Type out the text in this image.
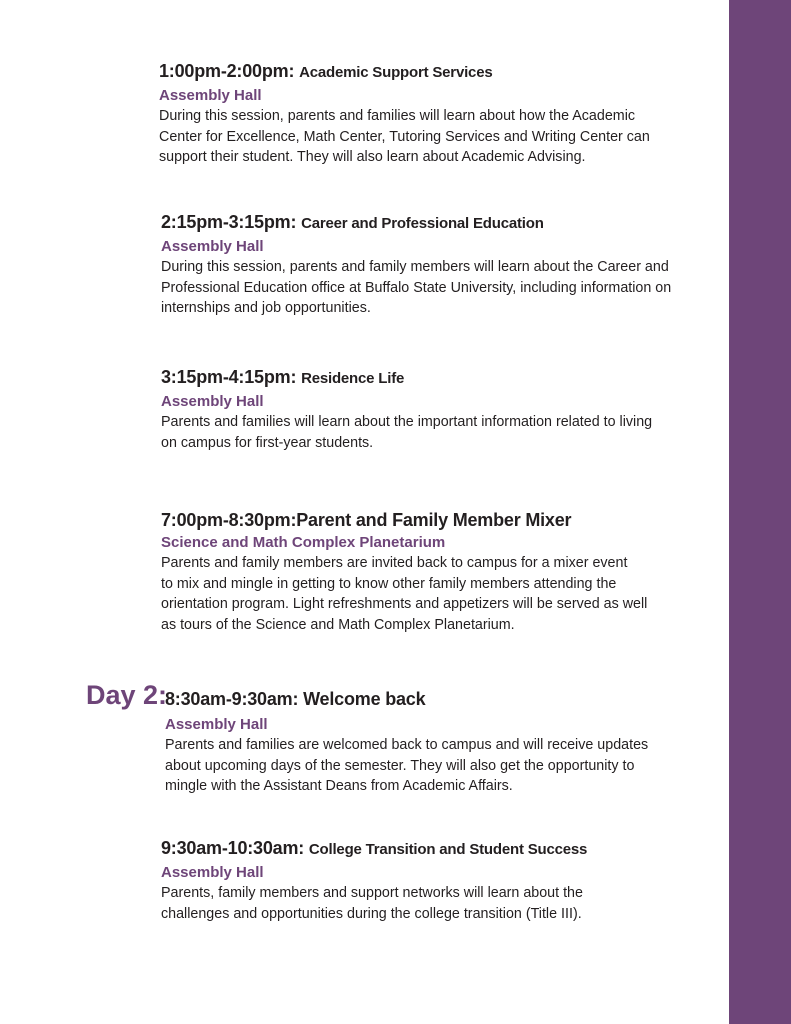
1:00pm-2:00pm: Academic Support Services
Assembly Hall
During this session, parents and families will learn about how the Academic
Center for Excellence, Math Center, Tutoring Services and Writing Center can
support their student. They will also learn about Academic Advising.
2:15pm-3:15pm: Career and Professional Education
Assembly Hall
During this session, parents and family members will learn about the Career and
Professional Education office at Buffalo State University, including information on
internships and job opportunities.
3:15pm-4:15pm: Residence Life
Assembly Hall
Parents and families will learn about the important information related to living
on campus for first-year students.
7:00pm-8:30pm:Parent and Family Member Mixer
Science and Math Complex Planetarium
Parents and family members are invited back to campus for a mixer event
to mix and mingle in getting to know other family members attending the
orientation program. Light refreshments and appetizers will be served as well
as tours of the Science and Math Complex Planetarium.
Day 2:
8:30am-9:30am: Welcome back
Assembly Hall
Parents and families are welcomed back to campus and will receive updates
about upcoming days of the semester. They will also get the opportunity to
mingle with the Assistant Deans from Academic Affairs.
9:30am-10:30am: College Transition and Student Success
Assembly Hall
Parents, family members and support networks will learn about the
challenges and opportunities during the college transition (Title III).
